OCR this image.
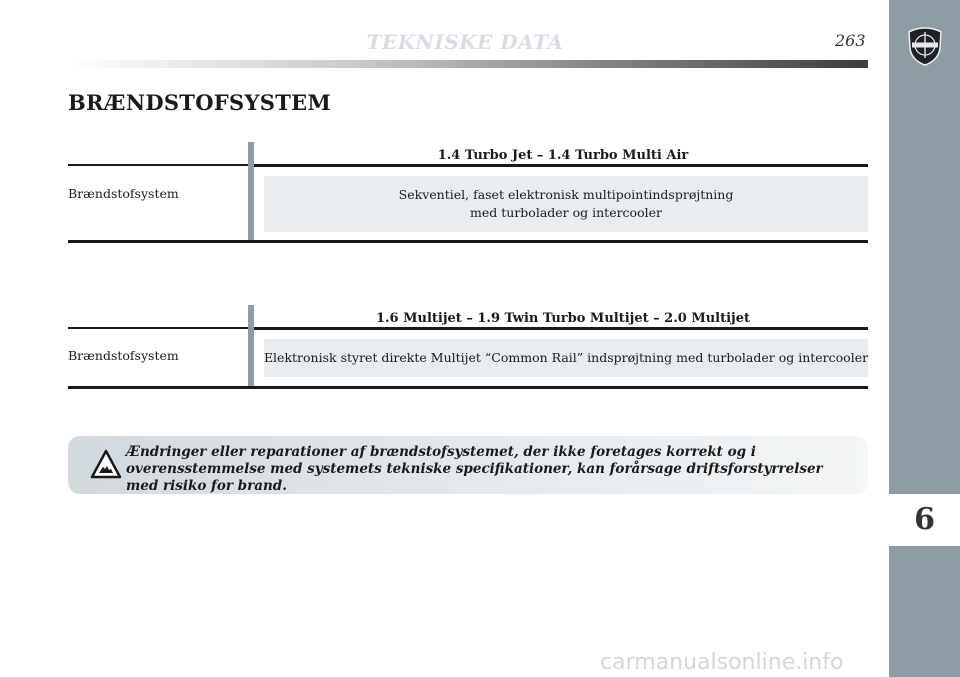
TEKNISKE DATA	263
6
BRÆNDSTOFSYSTEM
1.4 Turbo Jet – 1.4 Turbo Multi Air
Brændstofsystem	Sekventiel, faset elektronisk multipointindsprøjtning
med turbolader og intercooler
1.6 Multijet – 1.9 Twin Turbo Multijet – 2.0 Multijet
Brændstofsystem	Elektronisk styret direkte Multijet “Common Rail” indsprøjtning med turbolader og intercooler
Ændringer eller reparationer af brændstofsystemet, der ikke foretages korrekt og i overensstemmelse med systemets tekniske specifikationer, kan forårsage driftsforstyrrelser med risiko for brand.
carmanualsonline.info
